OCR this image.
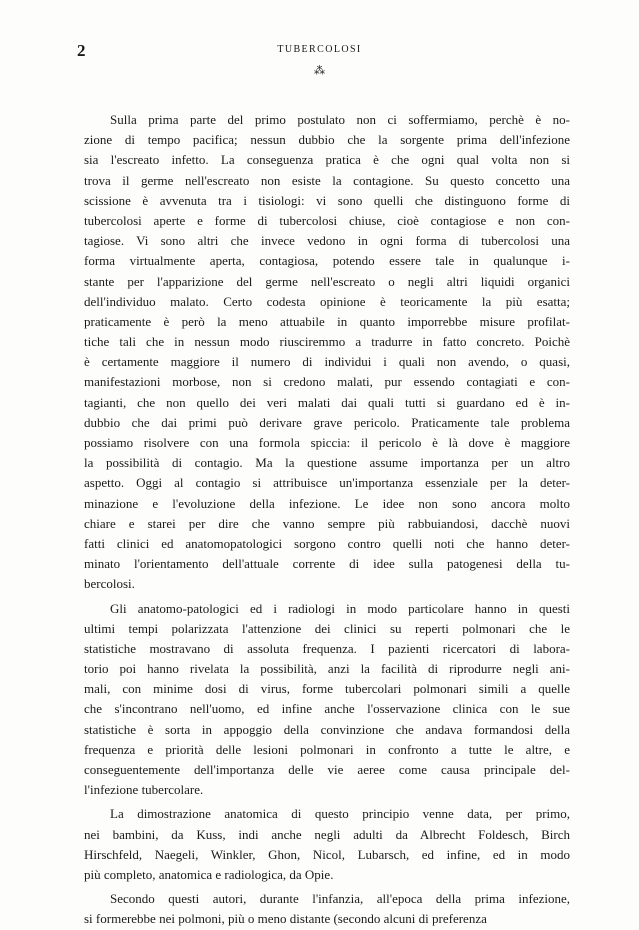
2	TUBERCOLOSI
⁂
Sulla prima parte del primo postulato non ci soffermiamo, perchè è no-
zione di tempo pacifica; nessun dubbio che la sorgente prima dell'infezione
sia l'escreato infetto. La conseguenza pratica è che ogni qual volta non si
trova il germe nell'escreato non esiste la contagione. Su questo concetto una
scissione è avvenuta tra i tisiologi: vi sono quelli che distinguono forme di
tubercolosi aperte e forme di tubercolosi chiuse, cioè contagiose e non con-
tagiose. Vi sono altri che invece vedono in ogni forma di tubercolosi una
forma virtualmente aperta, contagiosa, potendo essere tale in qualunque i-
stante per l'apparizione del germe nell'escreato o negli altri liquidi organici
dell'individuo malato. Certo codesta opinione è teoricamente la più esatta;
praticamente è però la meno attuabile in quanto imporrebbe misure profilat-
tiche tali che in nessun modo riusciremmo a tradurre in fatto concreto. Poichè
è certamente maggiore il numero di individui i quali non avendo, o quasi,
manifestazioni morbose, non si credono malati, pur essendo contagiati e con-
tagianti, che non quello dei veri malati dai quali tutti si guardano ed è in-
dubbio che dai primi può derivare grave pericolo. Praticamente tale problema
possiamo risolvere con una formola spiccia: il pericolo è là dove è maggiore
la possibilità di contagio. Ma la questione assume importanza per un altro
aspetto. Oggi al contagio si attribuisce un'importanza essenziale per la deter-
minazione e l'evoluzione della infezione. Le idee non sono ancora molto
chiare e starei per dire che vanno sempre più rabbuiandosi, dacchè nuovi
fatti clinici ed anatomopatologici sorgono contro quelli noti che hanno deter-
minato l'orientamento dell'attuale corrente di idee sulla patogenesi della tu-
bercolosi.
Gli anatomo-patologici ed i radiologi in modo particolare hanno in questi
ultimi tempi polarizzata l'attenzione dei clinici su reperti polmonari che le
statistiche mostravano di assoluta frequenza. I pazienti ricercatori di labora-
torio poi hanno rivelata la possibilità, anzi la facilità di riprodurre negli ani-
mali, con minime dosi di virus, forme tubercolari polmonari simili a quelle
che s'incontrano nell'uomo, ed infine anche l'osservazione clinica con le sue
statistiche è sorta in appoggio della convinzione che andava formandosi della
frequenza e priorità delle lesioni polmonari in confronto a tutte le altre, e
conseguentemente dell'importanza delle vie aeree come causa principale del-
l'infezione tubercolare.
La dimostrazione anatomica di questo principio venne data, per primo,
nei bambini, da Kuss, indi anche negli adulti da Albrecht Foldesch, Birch
Hirschfeld, Naegeli, Winkler, Ghon, Nicol, Lubarsch, ed infine, ed in modo
più completo, anatomica e radiologica, da Opie.
Secondo questi autori, durante l'infanzia, all'epoca della prima infezione,
si formerebbe nei polmoni, più o meno distante (secondo alcuni di preferenza
